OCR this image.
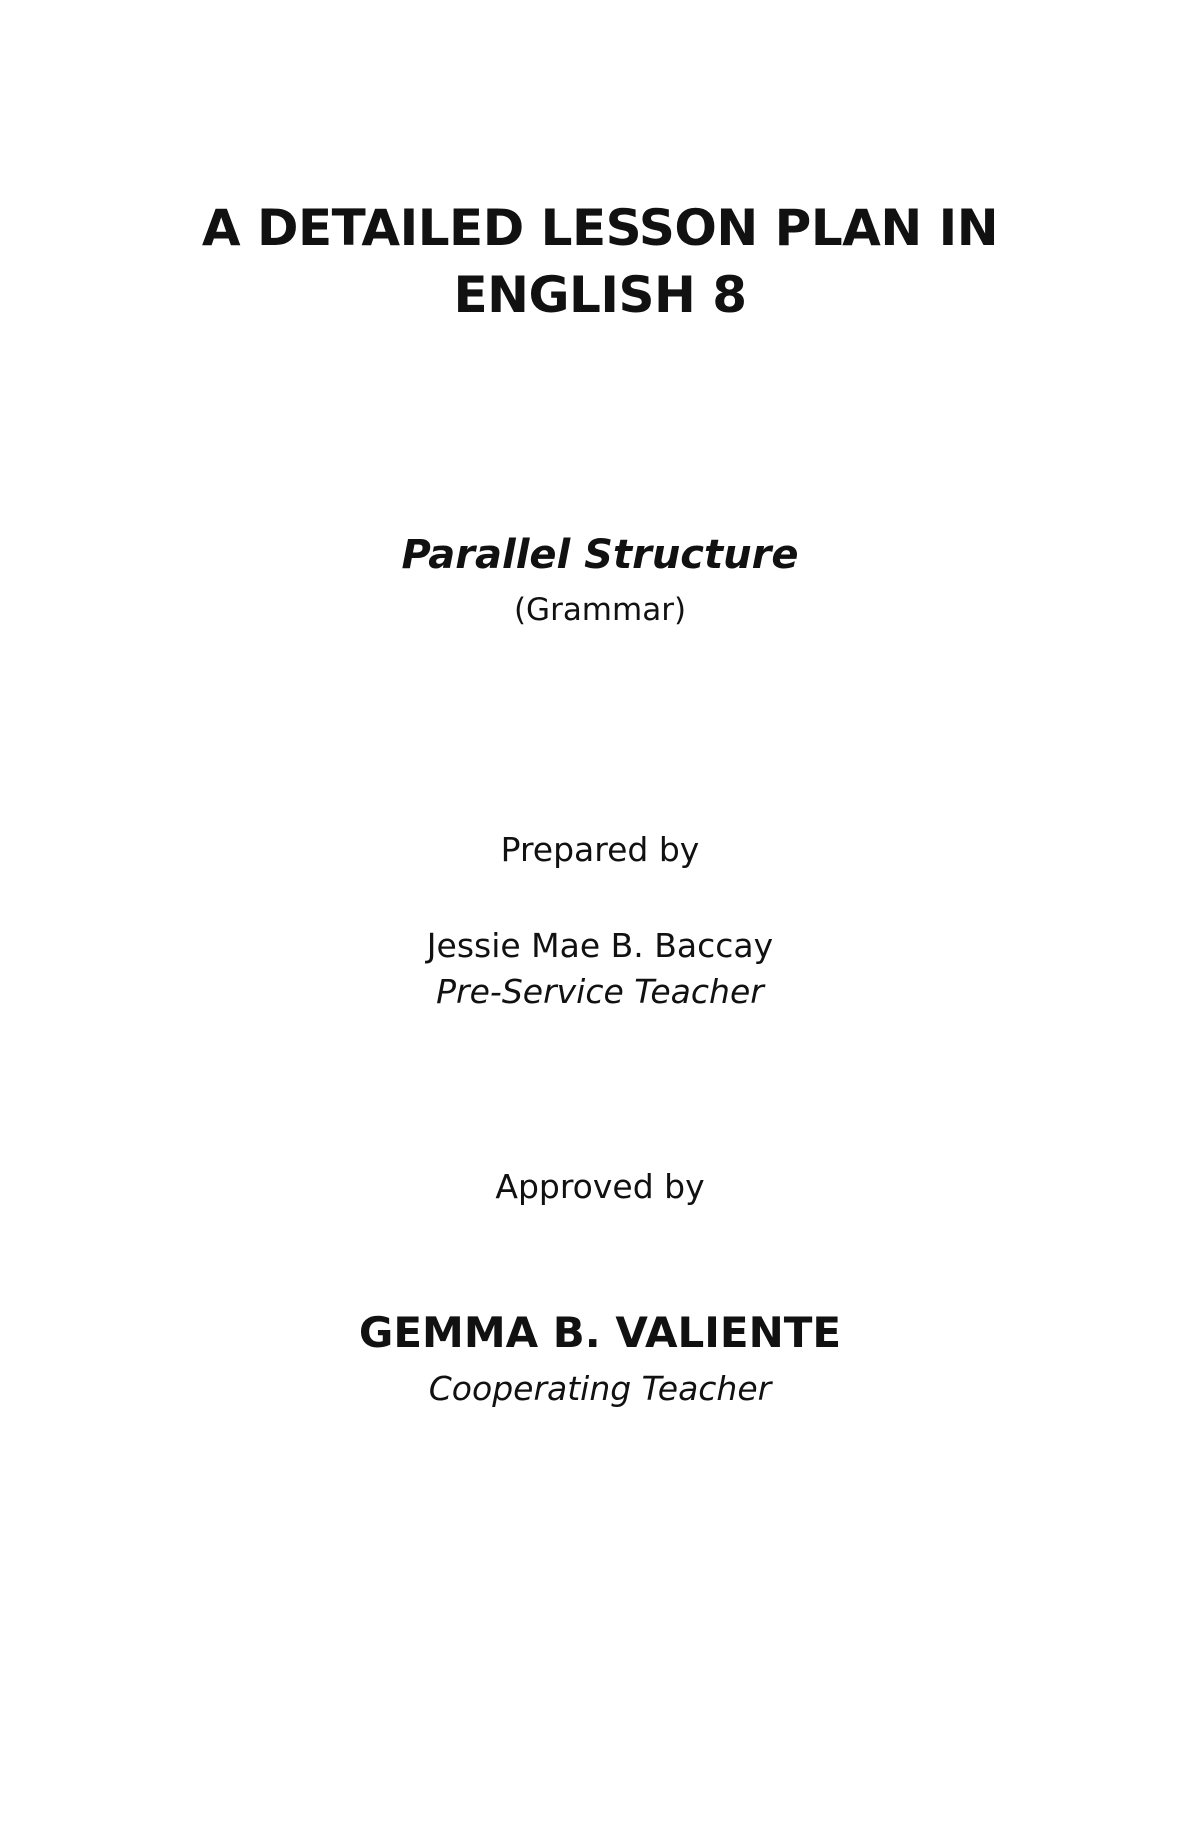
A DETAILED LESSON PLAN IN
ENGLISH 8
Parallel Structure
(Grammar)
Prepared by
Jessie Mae B. Baccay
Pre-Service Teacher
Approved by
GEMMA B. VALIENTE
Cooperating Teacher
